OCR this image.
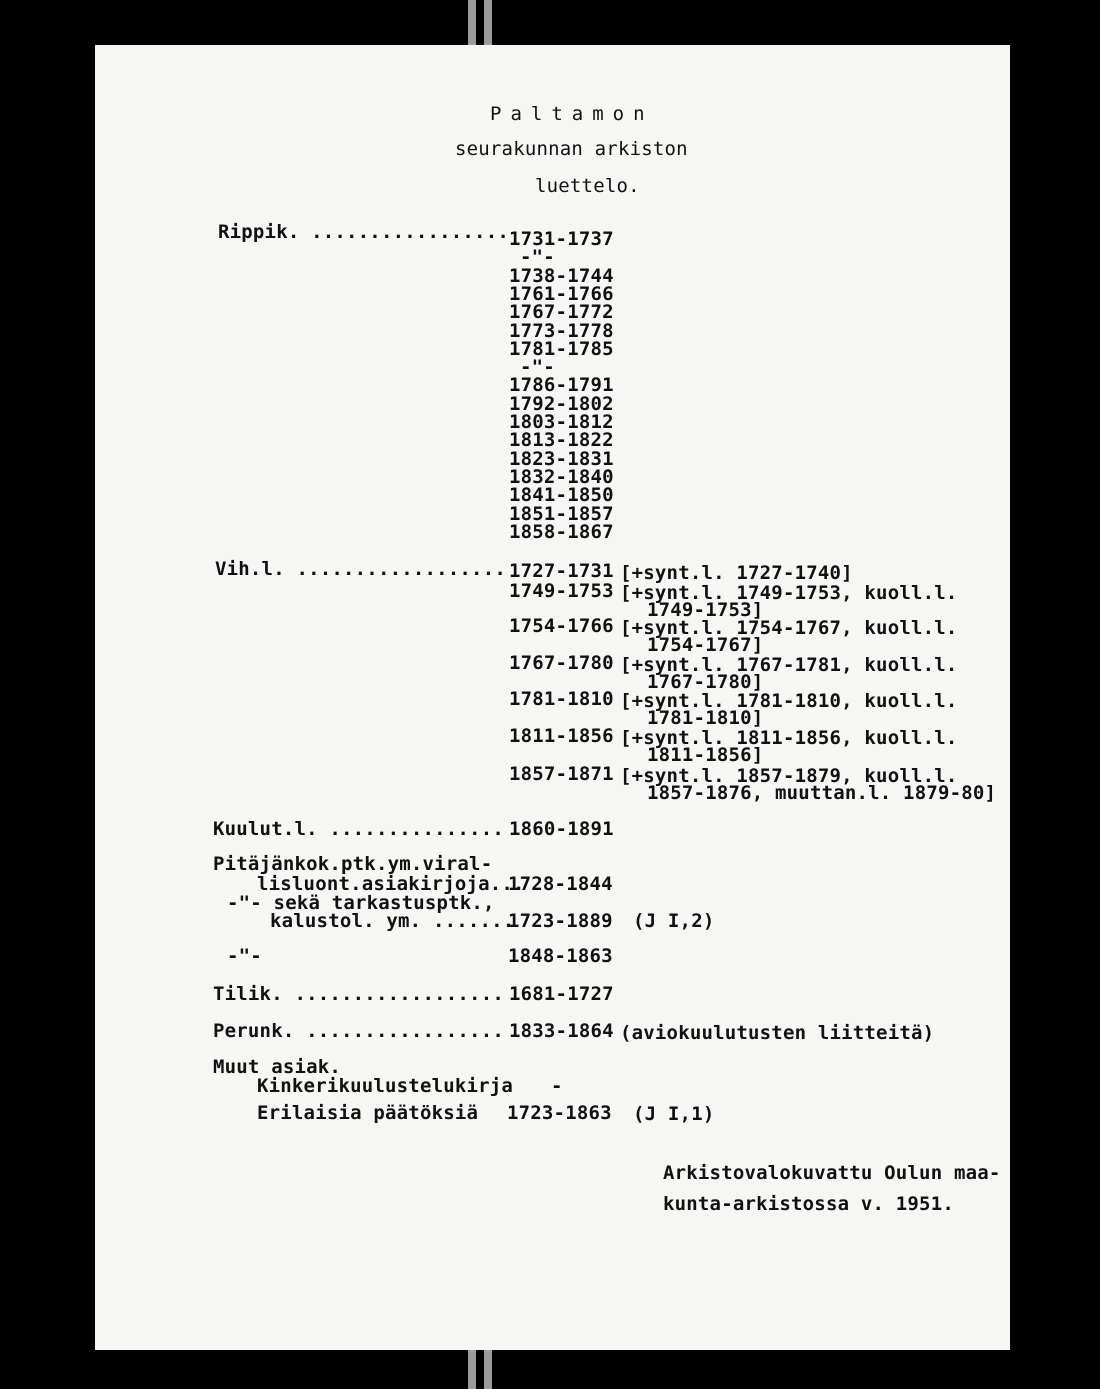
Paltamon
seurakunnan arkiston
luettelo.
Rippik. ................. 1731-1737
-"-
1738-1744
1761-1766
1767-1772
1773-1778
1781-1785
-"-
1786-1791
1792-1802
1803-1812
1813-1822
1823-1831
1832-1840
1841-1850
1851-1857
1858-1867
Vih.l. .................. 1727-1731 [+synt.l. 1727-1740]
1749-1753 [+synt.l. 1749-1753, kuoll.l.
1749-1753]
1754-1766 [+synt.l. 1754-1767, kuoll.l.
1754-1767]
1767-1780 [+synt.l. 1767-1781, kuoll.l.
1767-1780]
1781-1810 [+synt.l. 1781-1810, kuoll.l.
1781-1810]
1811-1856 [+synt.l. 1811-1856, kuoll.l.
1811-1856]
1857-1871 [+synt.l. 1857-1879, kuoll.l.
1857-1876, muuttan.l. 1879-80]
Kuulut.l. ............... 1860-1891
Pitäjänkok.ptk.ym.viral-
lisluont.asiakirjoja...
1728-1844
-"- sekä tarkastusptk.,
kalustol. ym. .......
1723-1889 (J I,2)
-"-	1848-1863
Tilik. .................. 1681-1727
Perunk. ................. 1833-1864 (aviokuulutusten liitteitä)
Muut asiak.
Kinkerikuulustelukirja -
Erilaisia päätöksiä 1723-1863 (J I,1)
Arkistovalokuvattu Oulun maa-
kunta-arkistossa v. 1951.
